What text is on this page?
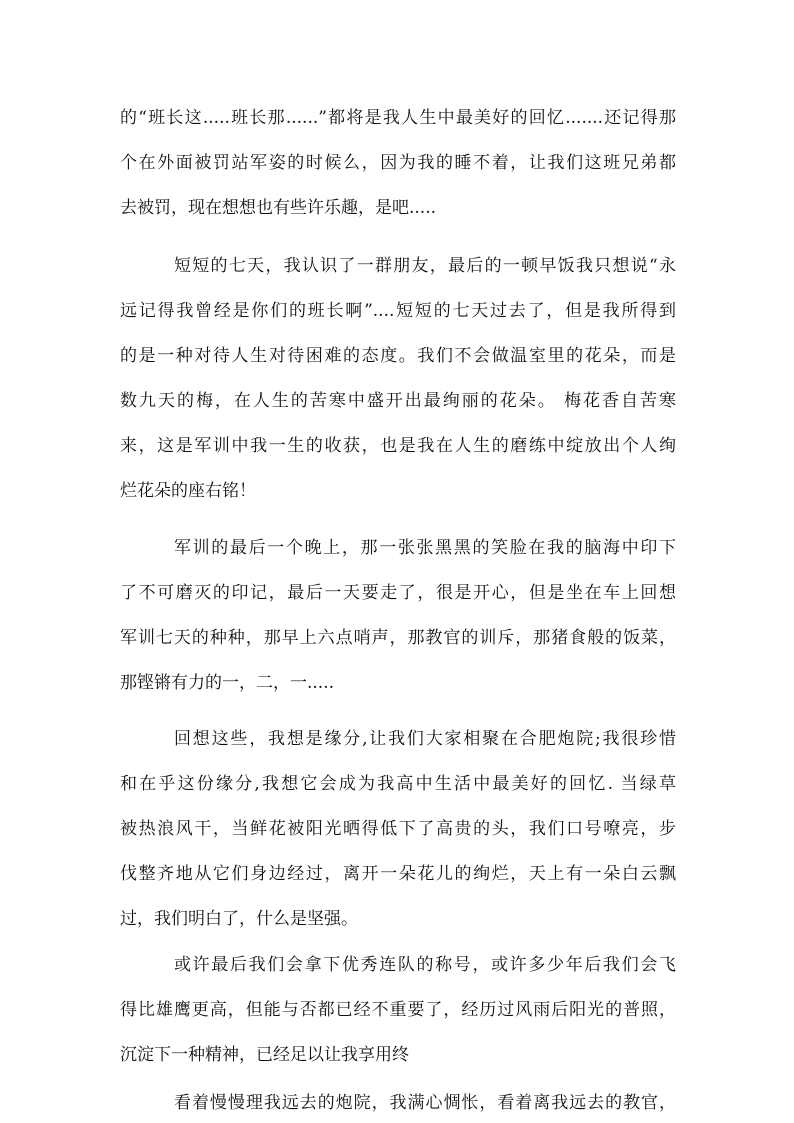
的“班长这.....班长那......”都将是我人生中最美好的回忆.......还记得那
个在外面被罚站军姿的时候么，因为我的睡不着，让我们这班兄弟都
去被罚，现在想想也有些许乐趣，是吧.....
短短的七天，我认识了一群朋友，最后的一顿早饭我只想说“永
远记得我曾经是你们的班长啊”....短短的七天过去了，但是我所得到
的是一种对待人生对待困难的态度。我们不会做温室里的花朵，而是
数九天的梅，在人生的苦寒中盛开出最绚丽的花朵。 梅花香自苦寒
来，这是军训中我一生的收获，也是我在人生的磨练中绽放出个人绚
烂花朵的座右铭！
军训的最后一个晚上，那一张张黑黑的笑脸在我的脑海中印下
了不可磨灭的印记，最后一天要走了，很是开心，但是坐在车上回想
军训七天的种种，那早上六点哨声，那教官的训斥，那猪食般的饭菜，
那铿锵有力的一，二，一.....
回想这些，我想是缘分,让我们大家相聚在合肥炮院;我很珍惜
和在乎这份缘分,我想它会成为我高中生活中最美好的回忆. 当绿草
被热浪风干，当鲜花被阳光晒得低下了高贵的头，我们口号嘹亮，步
伐整齐地从它们身边经过，离开一朵花儿的绚烂，天上有一朵白云飘
过，我们明白了，什么是坚强。
或许最后我们会拿下优秀连队的称号，或许多少年后我们会飞
得比雄鹰更高，但能与否都已经不重要了，经历过风雨后阳光的普照，
沉淀下一种精神，已经足以让我享用终
看着慢慢理我远去的炮院，我满心惆怅，看着离我远去的教官，
